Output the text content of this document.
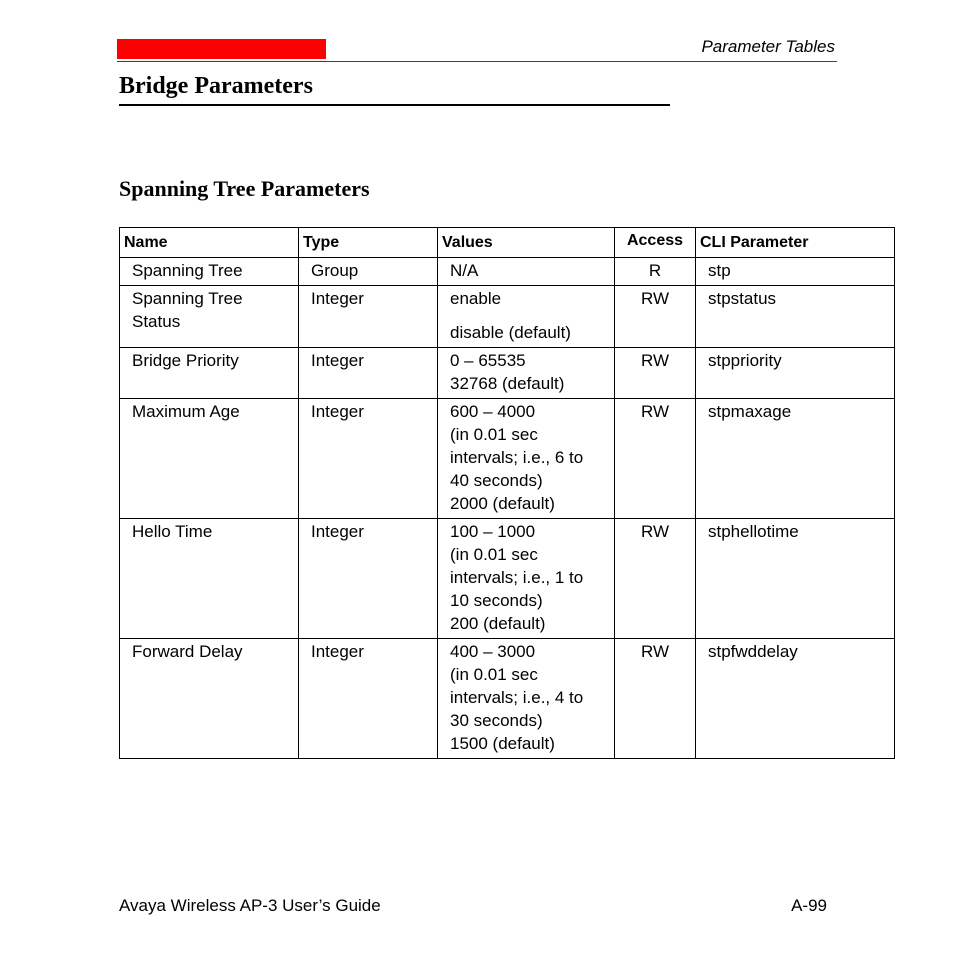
Parameter Tables
Bridge Parameters
Spanning Tree Parameters
Name	Type	Values	Access	CLI Parameter
Spanning Tree	Group	N/A	R	stp
Spanning Tree Status	Integer	enable
disable (default)	RW	stpstatus
Bridge Priority	Integer	0 – 65535
32768 (default)	RW	stppriority
Maximum Age	Integer	600 – 4000
(in 0.01 sec
intervals; i.e., 6 to
40 seconds)
2000 (default)	RW	stpmaxage
Hello Time	Integer	100 – 1000
(in 0.01 sec
intervals; i.e., 1 to
10 seconds)
200 (default)	RW	stphellotime
Forward Delay	Integer	400 – 3000
(in 0.01 sec
intervals; i.e., 4 to
30 seconds)
1500 (default)	RW	stpfwddelay
Avaya Wireless AP-3 User’s Guide	A-99
